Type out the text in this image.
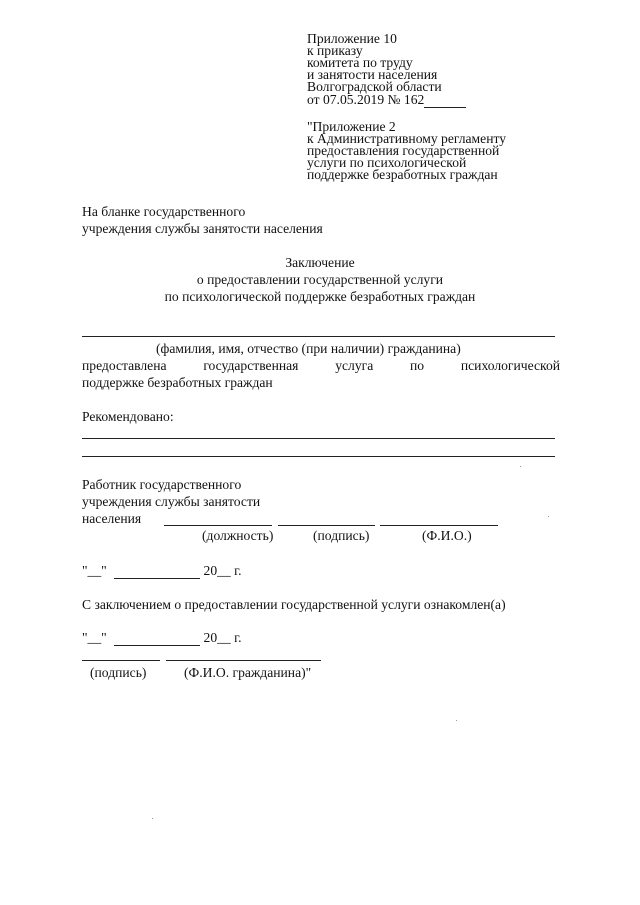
Приложение 10
к приказу
комитета по труду
и занятости населения
Волгоградской области
от 07.05.2019 № 162
"Приложение 2
к Административному регламенту
предоставления государственной
услуги по психологической
поддержке безработных граждан
На бланке государственного
учреждения службы занятости населения
Заключение
о предоставлении государственной услуги
по психологической поддержке безработных граждан
(фамилия, имя, отчество (при наличии) гражданина)
предоставлена	государственная	услуга	по	психологической
поддержке безработных граждан
Рекомендовано:
Работник государственного
учреждения службы занятости
населения
(должность)	(подпись)	(Ф.И.О.)
"__"	20__ г.
С заключением о предоставлении государственной услуги ознакомлен(а)
"__"	20__ г.
(подпись)	(Ф.И.О. гражданина)"
